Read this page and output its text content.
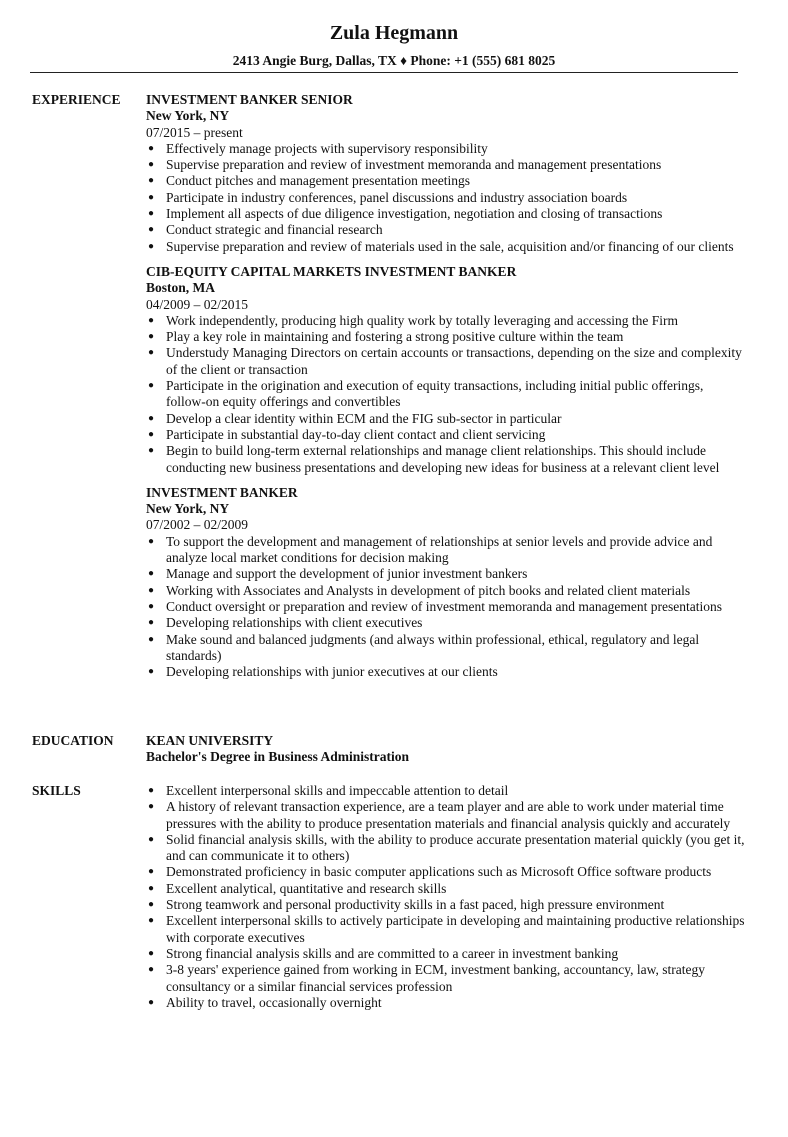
Zula Hegmann
2413 Angie Burg, Dallas, TX ♦ Phone: +1 (555) 681 8025
EXPERIENCE INVESTMENT BANKER SENIOR
New York, NY
07/2015 – present
● Effectively manage projects with supervisory responsibility
● Supervise preparation and review of investment memoranda and management presentations
● Conduct pitches and management presentation meetings
● Participate in industry conferences, panel discussions and industry association boards
● Implement all aspects of due diligence investigation, negotiation and closing of transactions
● Conduct strategic and financial research
● Supervise preparation and review of materials used in the sale, acquisition and/or financing of our clients
CIB-EQUITY CAPITAL MARKETS INVESTMENT BANKER
Boston, MA
04/2009 – 02/2015
● Work independently, producing high quality work by totally leveraging and accessing the Firm
● Play a key role in maintaining and fostering a strong positive culture within the team
● Understudy Managing Directors on certain accounts or transactions, depending on the size and complexity of the client or transaction
● Participate in the origination and execution of equity transactions, including initial public offerings, follow-on equity offerings and convertibles
● Develop a clear identity within ECM and the FIG sub-sector in particular
● Participate in substantial day-to-day client contact and client servicing
● Begin to build long-term external relationships and manage client relationships. This should include conducting new business presentations and developing new ideas for business at a relevant client level
INVESTMENT BANKER
New York, NY
07/2002 – 02/2009
● To support the development and management of relationships at senior levels and provide advice and analyze local market conditions for decision making
● Manage and support the development of junior investment bankers
● Working with Associates and Analysts in development of pitch books and related client materials
● Conduct oversight or preparation and review of investment memoranda and management presentations
● Developing relationships with client executives
● Make sound and balanced judgments (and always within professional, ethical, regulatory and legal standards)
● Developing relationships with junior executives at our clients
EDUCATION KEAN UNIVERSITY
Bachelor's Degree in Business Administration
SKILLS	● Excellent interpersonal skills and impeccable attention to detail
● A history of relevant transaction experience, are a team player and are able to work under material time pressures with the ability to produce presentation materials and financial analysis quickly and accurately
● Solid financial analysis skills, with the ability to produce accurate presentation material quickly (you get it, and can communicate it to others)
● Demonstrated proficiency in basic computer applications such as Microsoft Office software products
● Excellent analytical, quantitative and research skills
● Strong teamwork and personal productivity skills in a fast paced, high pressure environment
● Excellent interpersonal skills to actively participate in developing and maintaining productive relationships with corporate executives
● Strong financial analysis skills and are committed to a career in investment banking
● 3-8 years' experience gained from working in ECM, investment banking, accountancy, law, strategy consultancy or a similar financial services profession
● Ability to travel, occasionally overnight
